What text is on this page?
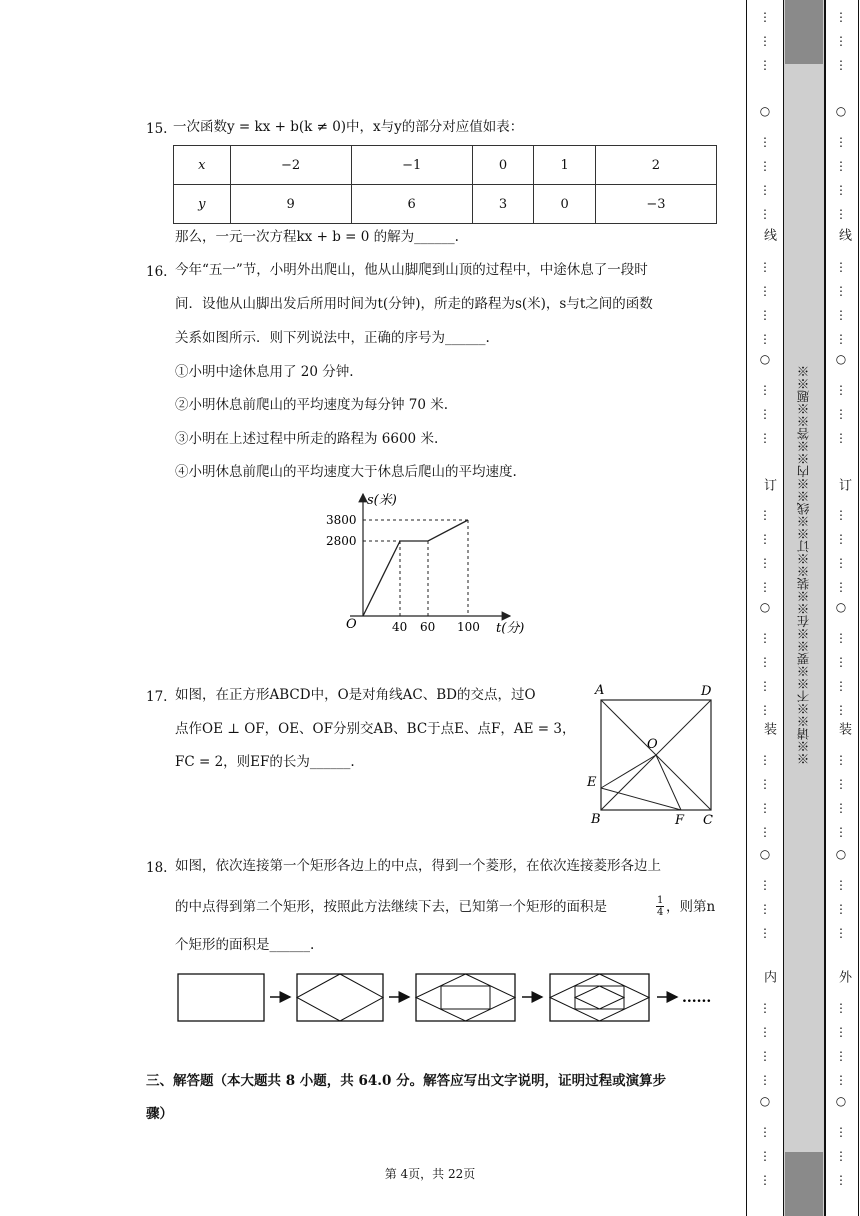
15. 一次函数y = kx + b(k ≠ 0)中，x与y的部分对应值如表：
x	−2	−1	0	1	2
y	9	6	3	0	−3
那么，一元一次方程kx + b = 0 的解为______.
16. 今年“五一”节，小明外出爬山，他从山脚爬到山顶的过程中，中途休息了一段时
间．设他从山脚出发后所用时间为t(分钟)，所走的路程为s(米)，s与t之间的函数
关系如图所示．则下列说法中，正确的序号为______.
①小明中途休息用了 20 分钟.
②小明休息前爬山的平均速度为每分钟 70 米.
③小明在上述过程中所走的路程为 6600 米.
④小明休息前爬山的平均速度大于休息后爬山的平均速度.
s(米)
t(分)
O
3800
2800
40 60 100
17. 如图，在正方形ABCD中，O是对角线AC、BD的交点，过O
点作OE ⊥ OF，OE、OF分别交AB、BC于点E、点F，AE = 3，
FC = 2，则EF的长为______.
A	D
O
E
B	F C
18. 如图，依次连接第一个矩形各边上的中点，得到一个菱形，在依次连接菱形各边上
的中点得到第二个矩形，按照此方法继续下去，已知第一个矩形的面积是	$\frac{1}{4}$ ，则第n
个矩形的面积是______.
......
三、解答题（本大题共 8 小题，共 64.0 分。解答应写出文字说明，证明过程或演算步
骤）
第 4页，共 22页
⋮
⋮
⋮
○
⋮
⋮
⋮
⋮
线
⋮
⋮
⋮
⋮
○
⋮
⋮
⋮
订
⋮
⋮
⋮
⋮
○
⋮
⋮
⋮
⋮
装
⋮
⋮
⋮
⋮
○
⋮
⋮
⋮
内
⋮
⋮
⋮
⋮
○
⋮
⋮
⋮
※※请※※不※※要※※在※※装※※订※※线※※内※※答※※题※※
⋮
⋮
⋮
○
⋮
⋮
⋮
⋮
线
⋮
⋮
⋮
⋮
○
⋮
⋮
⋮
订
⋮
⋮
⋮
⋮
○
⋮
⋮
⋮
⋮
装
⋮
⋮
⋮
⋮
○
⋮
⋮
⋮
外
⋮
⋮
⋮
⋮
○
⋮
⋮
⋮
